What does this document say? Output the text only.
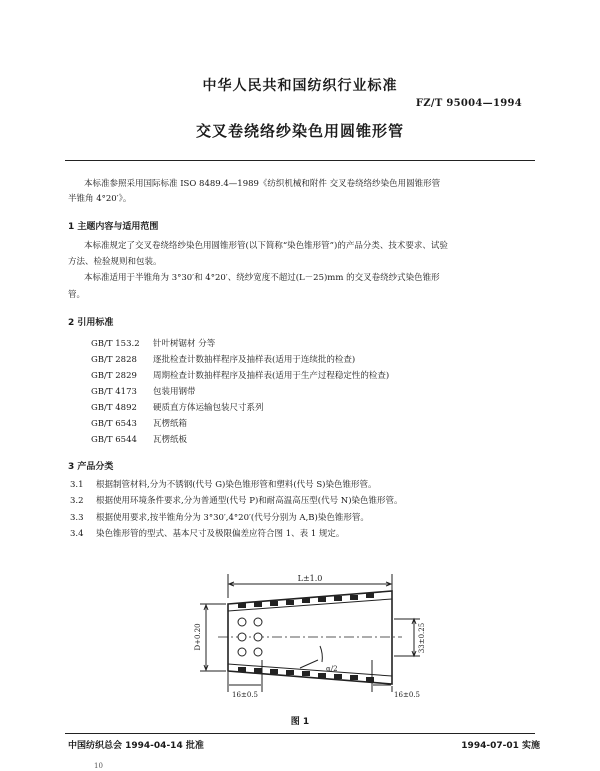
中华人民共和国纺织行业标准
FZ/T 95004—1994
交叉卷绕络纱染色用圆锥形管
本标准参照采用国际标准 ISO 8489.4—1989《纺织机械和附件 交叉卷绕络纱染色用圆锥形管
半锥角 4°20′》。
1 主题内容与适用范围
本标准规定了交叉卷绕络纱染色用圆锥形管(以下简称“染色锥形管”)的产品分类、技术要求、试验
方法、检验规则和包装。
本标准适用于半锥角为 3°30′和 4°20′、绕纱宽度不超过(L－25)mm 的交叉卷绕纱式染色锥形
管。
2 引用标准
GB/T 153.2 针叶树锯材 分等
GB/T 2828 逐批检查计数抽样程序及抽样表(适用于连续批的检查)
GB/T 2829 周期检查计数抽样程序及抽样表(适用于生产过程稳定性的检查)
GB/T 4173 包装用钢带
GB/T 4892 硬质直方体运输包装尺寸系列
GB/T 6543 瓦楞纸箱
GB/T 6544 瓦楞纸板
3 产品分类
3.1 根据制管材料,分为不锈钢(代号 G)染色锥形管和塑料(代号 S)染色锥形管。
3.2 根据使用环境条件要求,分为普通型(代号 P)和耐高温高压型(代号 N)染色锥形管。
3.3 根据使用要求,按半锥角分为 3°30′,4°20′(代号分别为 A,B)染色锥形管。
3.4 染色锥形管的型式、基本尺寸及极限偏差应符合图 1、表 1 规定。
L±1.0
D+0.20	33±0.25
α/2
16±0.5	16±0.5
图 1
中国纺织总会 1994-04-14 批准	1994-07-01 实施
10
